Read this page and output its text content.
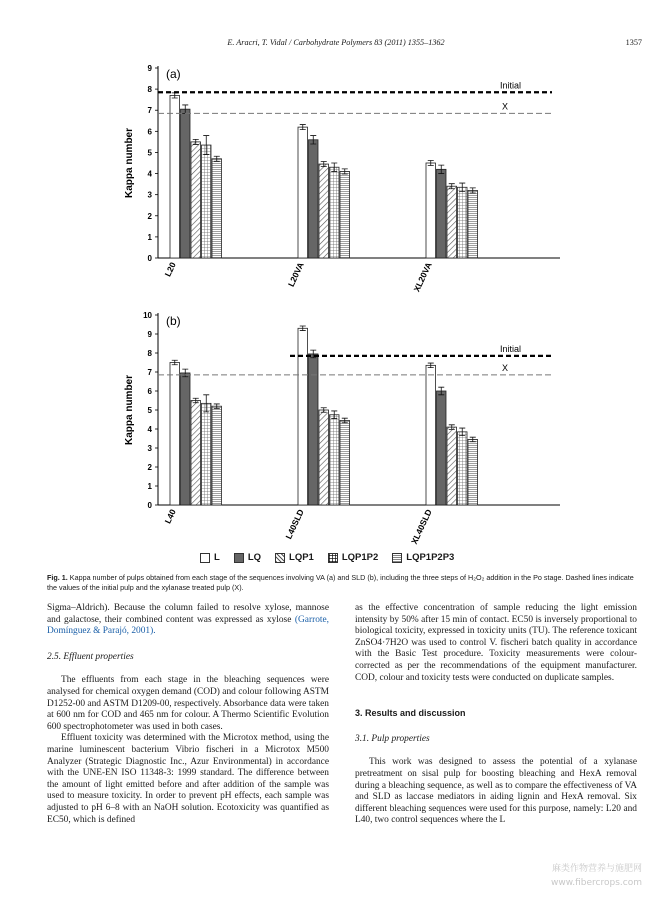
E. Aracri, T. Vidal / Carbohydrate Polymers 83 (2011) 1355–1362	1357
0
1
2
3
4
5
6
7
8
9
Kappa number
(a)
L20	L20VA	XL20VA
Initial
X
0
1
2
3
4
5
6
7
8
9
10
Kappa number
(b)
L40	L40SLD	XL40SLD
Initial
X
L	LQ	LQP1	LQP1P2	LQP1P2P3
Fig. 1. Kappa number of pulps obtained from each stage of the sequences involving VA (a) and SLD (b), including the three steps of H₂O₂ addition in the Po stage. Dashed lines indicate the values of the initial pulp and the xylanase treated pulp (X).

Sigma–Aldrich). Because the column failed to resolve xylose, mannose and galactose, their combined content was expressed as xylose (Garrote, Domínguez & Parajó, 2001).

2.5. Effluent properties

The effluents from each stage in the bleaching sequences were analysed for chemical oxygen demand (COD) and colour following ASTM D1252-00 and ASTM D1209-00, respectively. Absorbance data were taken at 600 nm for COD and 465 nm for colour. A Thermo Scientific Evolution 600 spectrophotometer was used in both cases.

Effluent toxicity was determined with the Microtox method, using the marine luminescent bacterium Vibrio fischeri in a Microtox M500 Analyzer (Strategic Diagnostic Inc., Azur Environmental) in accordance with the UNE-EN ISO 11348-3: 1999 standard. The difference between the amount of light emitted before and after addition of the sample was used to measure toxicity. In order to prevent pH effects, each sample was adjusted to pH 6–8 with an NaOH solution. Ecotoxicity was quantified as EC50, which is defined

as the effective concentration of sample reducing the light emission intensity by 50% after 15 min of contact. EC50 is inversely proportional to biological toxicity, expressed in toxicity units (TU). The reference toxicant ZnSO4·7H2O was used to control V. fischeri batch quality in accordance with the Basic Test procedure. Toxicity measurements were colour-corrected as per the recommendations of the equipment manufacturer. COD, colour and toxicity tests were conducted on duplicate samples.

3. Results and discussion

3.1. Pulp properties

This work was designed to assess the potential of a xylanase pretreatment on sisal pulp for boosting bleaching and HexA removal during a bleaching sequence, as well as to compare the effectiveness of VA and SLD as laccase mediators in aiding lignin and HexA removal. Six different bleaching sequences were used for this purpose, namely: L20 and L40, two control sequences where the L

麻类作物营养与施肥网
www.fibercrops.com
